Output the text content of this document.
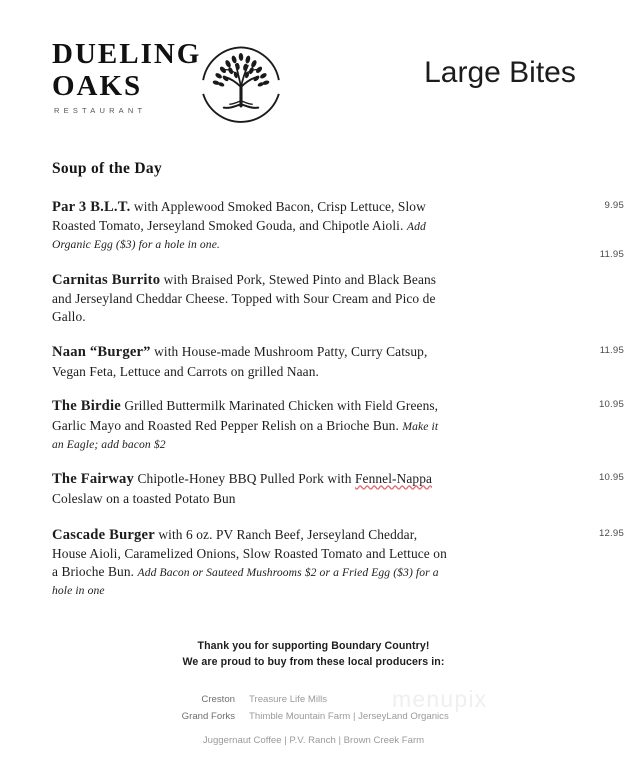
DUELING
OAKS
RESTAURANT
Large Bites
Soup of the Day
Par 3 B.L.T. with Applewood Smoked Bacon, Crisp Lettuce, Slow Roasted Tomato, Jerseyland Smoked Gouda, and Chipotle Aioli. Add Organic Egg ($3) for a hole in one.
9.95
Carnitas Burrito with Braised Pork, Stewed Pinto and Black Beans and Jerseyland Cheddar Cheese. Topped with Sour Cream and Pico de Gallo.
11.95
Naan “Burger” with House-made Mushroom Patty, Curry Catsup, Vegan Feta, Lettuce and Carrots on grilled Naan.
11.95
The Birdie Grilled Buttermilk Marinated Chicken with Field Greens, Garlic Mayo and Roasted Red Pepper Relish on a Brioche Bun. Make it an Eagle; add bacon $2
10.95
The Fairway Chipotle-Honey BBQ Pulled Pork with Fennel-Nappa Coleslaw on a toasted Potato Bun
10.95
Cascade Burger with 6 oz. PV Ranch Beef, Jerseyland Cheddar, House Aioli, Caramelized Onions, Slow Roasted Tomato and Lettuce on a Brioche Bun. Add Bacon or Sauteed Mushrooms $2 or a Fried Egg ($3) for a hole in one
12.95
Thank you for supporting Boundary Country!
We are proud to buy from these local producers in:
Creston	Treasure Life Mills
Grand Forks	Thimble Mountain Farm | JerseyLand Organics
Juggernaut Coffee | P.V. Ranch | Brown Creek Farm
menupix
